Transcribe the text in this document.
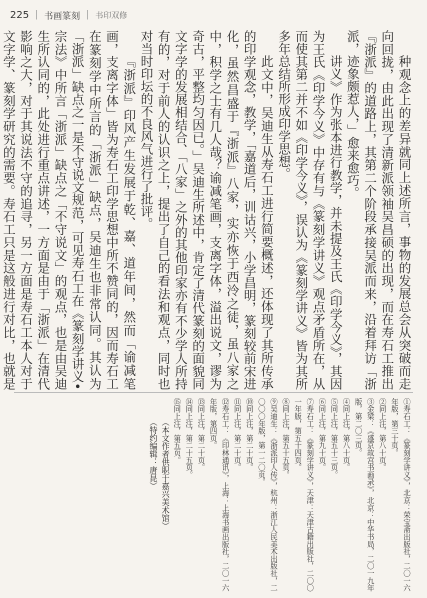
225 | 书画篆刻 | 书印双修

种观念上的差异就同上述所言，事物的发展总会从突破而走向回拢，由此出现了清新派领袖吴昌硕的出现，而在寿石工推出『浙派』的道路上，其第二个阶段承接吴派而来，沿着拜访「浙派，迹象颇惹人，」愈来愈巧。

讲义》作为张本进行教学，并未提及王氏《印学今义》，其因为王氏《印学今义》中存有与《篆刻学讲义》观点矛盾所在，从而使其第二并不如《印学今义》，误认为《篆刻学讲义》皆为其所多年总结所形成印学思想。

此文中，吴迪生从寿石工进行简要概述，还体现了其所传承的印学观念，教学，「嘉道后，训诂兴，小学昌明，篆刻较前宋进化，虽然昌盛于『浙派』八家，实亦恢于西泠之徒，虽八家之中，积学之士有几人哉？谕减笔画，支离字体，溢出说文，谬为奇古，平整均匀因已。」吴迪生所述中，肯定了清代篆刻的面貌同文字学的发展相结合、「八家」之外的其他印家亦有不少学人所持有的，对于前人的认识之上，提出了自己的看法和观点，同时也对当时印坛的不良风气进行了批评。

『浙派』印风产生发展于乾、嘉、道年间，然而「谕减笔画，支离字体」皆为寿石工印学思想中所不赞同的，因而寿石工在篆刻学中所言的「浙派」缺点，吴迪生也非常认同。其认为「浙派」缺点之一是不守说文规范，可见寿石工在《篆刻学讲义•宗法》中所言「浙派」缺点之「不守说文」的观点，也是由吴迪生所认同的，此处进行重点讲述，一方面是由于「浙派」在清代影响之大，对于其说法不守的追寻，另一方面是寿石工本人对于文字学、篆刻学研究的需要。寿石工只是这般进行对比，也就是

①寿石工：《篆刻学讲义》，北京：荣宝斋出版社，二〇一六年版，第三十页。
②同上注，第八十页。
③金梁：《盛京故宫书画录》，北京：中华书局，二〇一九年版，第二〇三页。
④同上注，第八十页。
⑤同上注，第五十三页。
⑥同上注，第九十页。
⑦寿石工：《篆刻学讲义》，天津：天津古籍出版社，二〇〇一年版，第五十四页。
⑧同上注，第五十五页。
⑨吴迪生：《浙派印人传》，杭州：浙江人民美术出版社，二〇〇〇年版，第一二〇页。
⑩同上注，第二十页。
⑪同上注，第二十页。
⑫寿石工：《印林通讯》，上海：上海书画出版社，二〇一六年版，第四页。
⑬同上注，第二十页。
⑭同上注，第二十五页。
⑮同上注，第五页。
（本文作者供职于嘉兴美术馆）
（特约编辑：唐昆）
